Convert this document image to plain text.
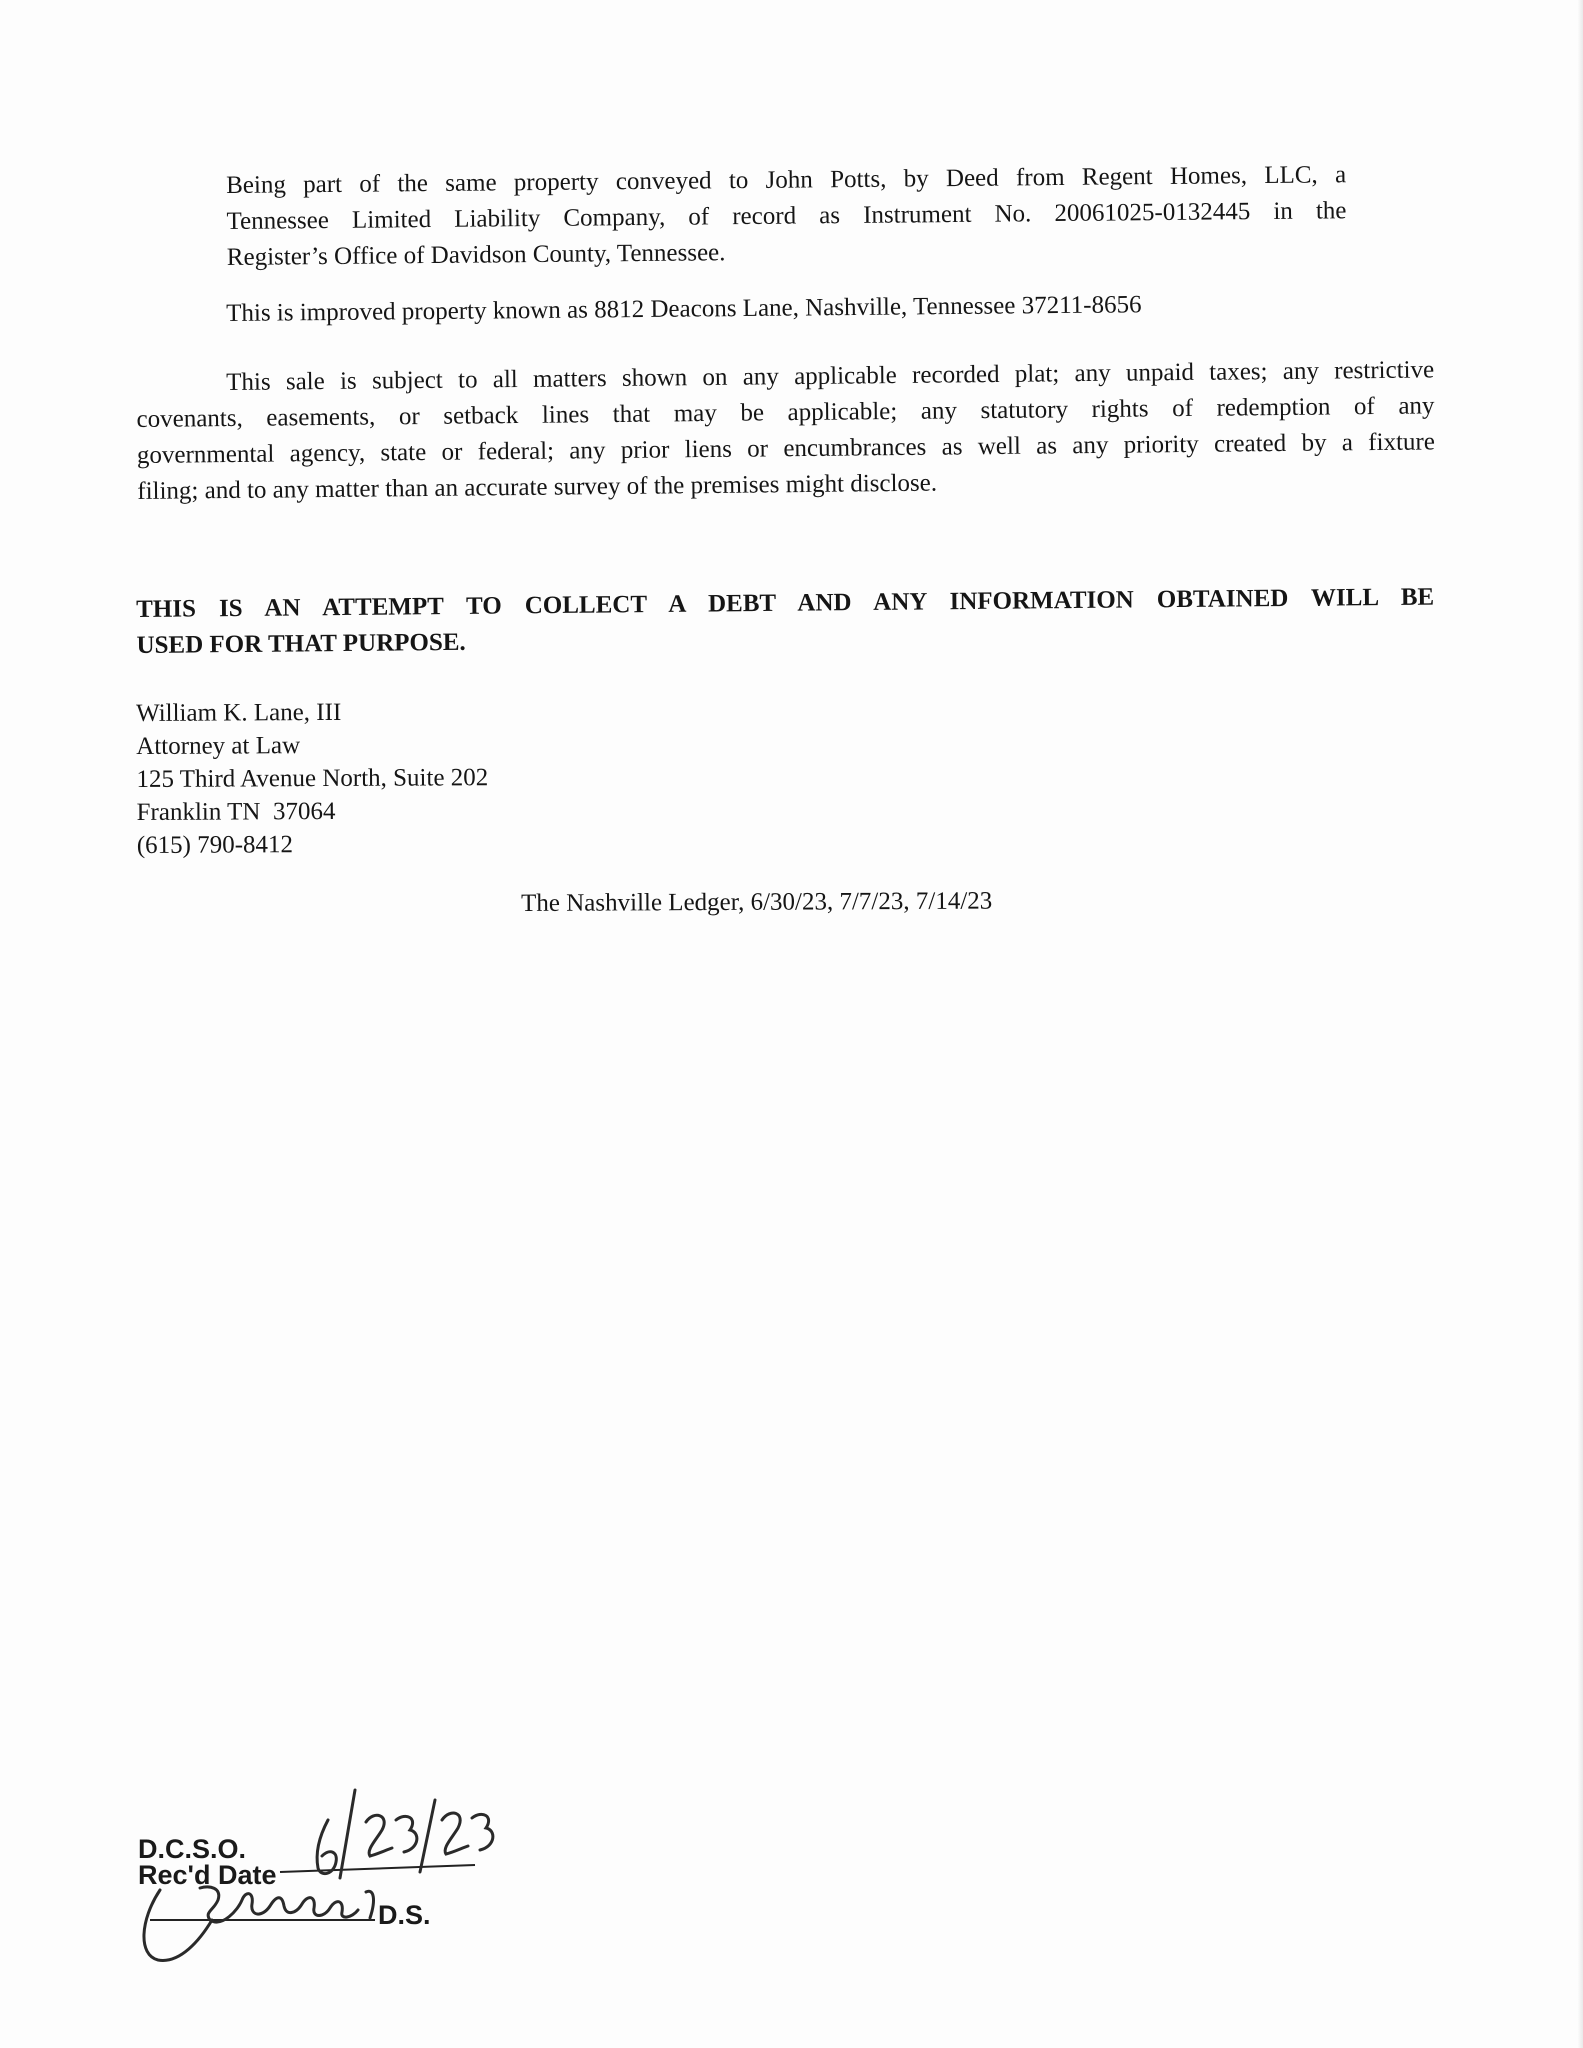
Being part of the same property conveyed to John Potts, by Deed from Regent Homes, LLC, a
Tennessee Limited Liability Company, of record as Instrument No. 20061025-0132445 in the
Register’s Office of Davidson County, Tennessee.

This is improved property known as 8812 Deacons Lane, Nashville, Tennessee 37211-8656

This sale is subject to all matters shown on any applicable recorded plat; any unpaid taxes; any restrictive
covenants, easements, or setback lines that may be applicable; any statutory rights of redemption of any
governmental agency, state or federal; any prior liens or encumbrances as well as any priority created by a fixture
filing; and to any matter than an accurate survey of the premises might disclose.

THIS IS AN ATTEMPT TO COLLECT A DEBT AND ANY INFORMATION OBTAINED WILL BE
USED FOR THAT PURPOSE.
William K. Lane, III
Attorney at Law
125 Third Avenue North, Suite 202
Franklin TN  37064
(615) 790-8412
The Nashville Ledger, 6/30/23, 7/7/23, 7/14/23
D.C.S.O.
Rec'd Date
D.S.
